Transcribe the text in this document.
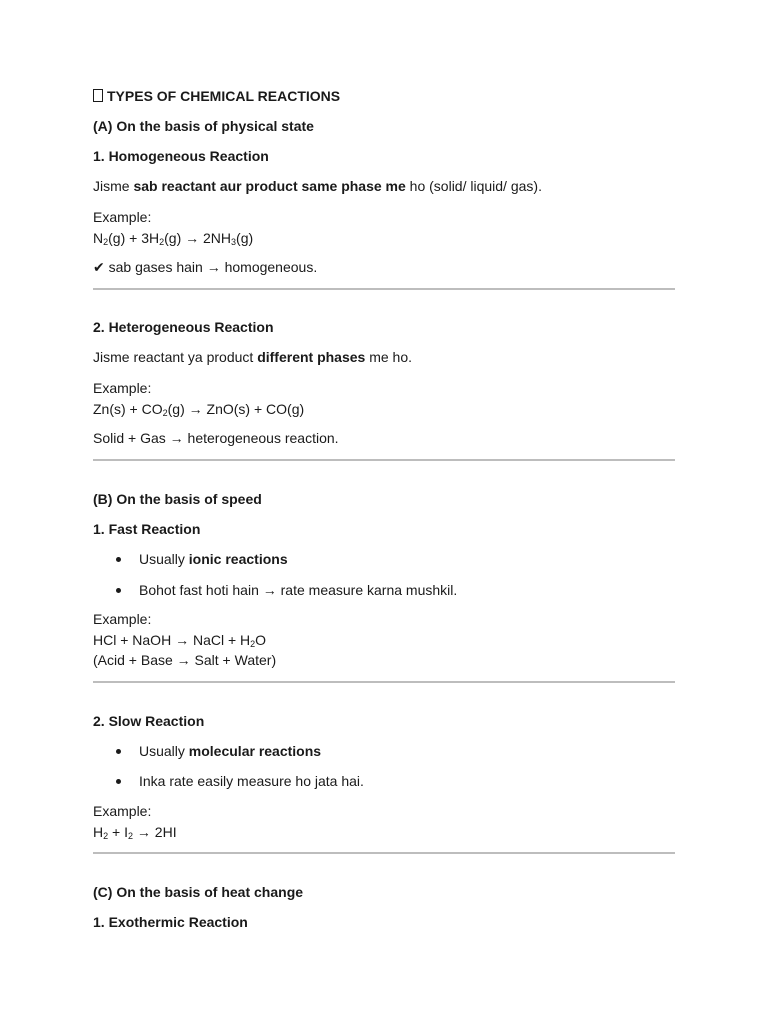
TYPES OF CHEMICAL REACTIONS
(A) On the basis of physical state
1. Homogeneous Reaction
Jisme sab reactant aur product same phase me ho (solid/ liquid/ gas).
Example:
$N_2(g) + 3H_2(g) \to 2NH_3(g)$
✔ sab gases hain → homogeneous.
2. Heterogeneous Reaction
Jisme reactant ya product different phases me ho.
Example:
$Zn(s) + CO_2(g) \to ZnO(s) + CO(g)$
Solid + Gas → heterogeneous reaction.
(B) On the basis of speed
1. Fast Reaction
Usually ionic reactions
Bohot fast hoti hain → rate measure karna mushkil.
Example:
HCl + NaOH → NaCl + $H_2O$
(Acid + Base → Salt + Water)
2. Slow Reaction
Usually molecular reactions
Inka rate easily measure ho jata hai.
Example:
$H_2 + I_2 \to 2HI$
(C) On the basis of heat change
1. Exothermic Reaction
